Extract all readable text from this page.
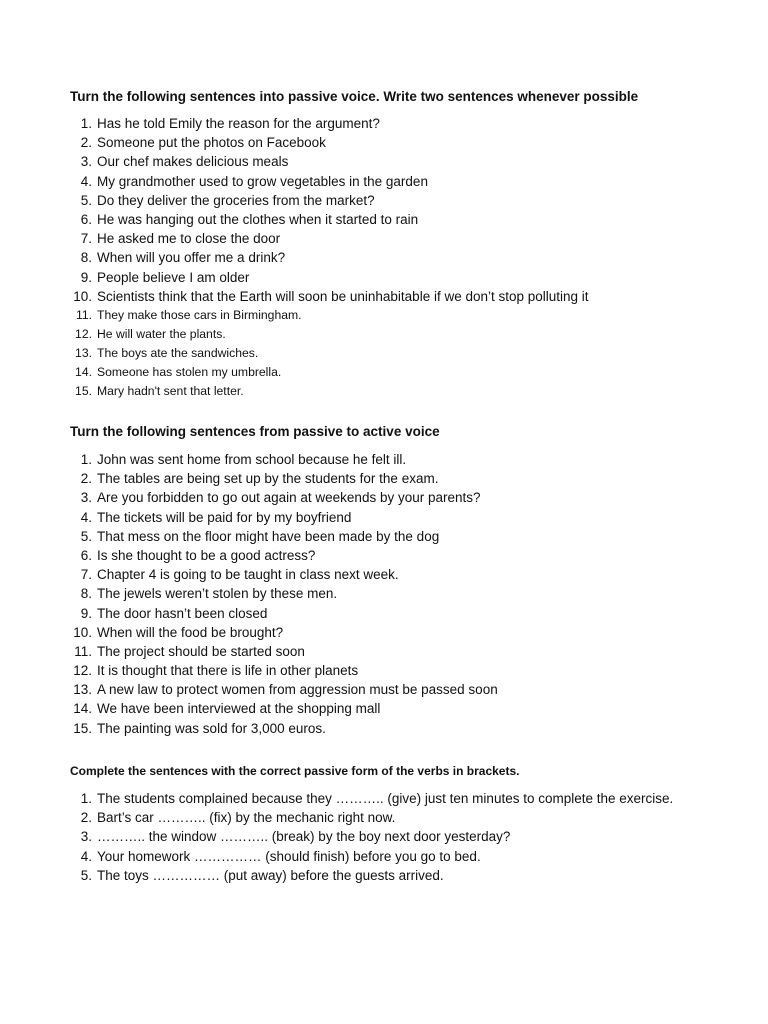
Turn the following sentences into passive voice. Write two sentences whenever possible

1. Has he told Emily the reason for the argument?
2. Someone put the photos on Facebook
3. Our chef makes delicious meals
4. My grandmother used to grow vegetables in the garden
5. Do they deliver the groceries from the market?
6. He was hanging out the clothes when it started to rain
7. He asked me to close the door
8. When will you offer me a drink?
9. People believe I am older
10. Scientists think that the Earth will soon be uninhabitable if we don’t stop polluting it
11. They make those cars in Birmingham.
12. He will water the plants.
13. The boys ate the sandwiches.
14. Someone has stolen my umbrella.
15. Mary hadn't sent that letter.

Turn the following sentences from passive to active voice

1. John was sent home from school because he felt ill.
2. The tables are being set up by the students for the exam.
3. Are you forbidden to go out again at weekends by your parents?
4. The tickets will be paid for by my boyfriend
5. That mess on the floor might have been made by the dog
6. Is she thought to be a good actress?
7. Chapter 4 is going to be taught in class next week.
8. The jewels weren’t stolen by these men.
9. The door hasn’t been closed
10. When will the food be brought?
11. The project should be started soon
12. It is thought that there is life in other planets
13. A new law to protect women from aggression must be passed soon
14. We have been interviewed at the shopping mall
15. The painting was sold for 3,000 euros.

Complete the sentences with the correct passive form of the verbs in brackets.

1. The students complained because they ……….. (give) just ten minutes to complete the exercise.
2. Bart’s car ……….. (fix) by the mechanic right now.
3. ……….. the window ……….. (break) by the boy next door yesterday?
4. Your homework …………… (should finish) before you go to bed.
5. The toys …………… (put away) before the guests arrived.
